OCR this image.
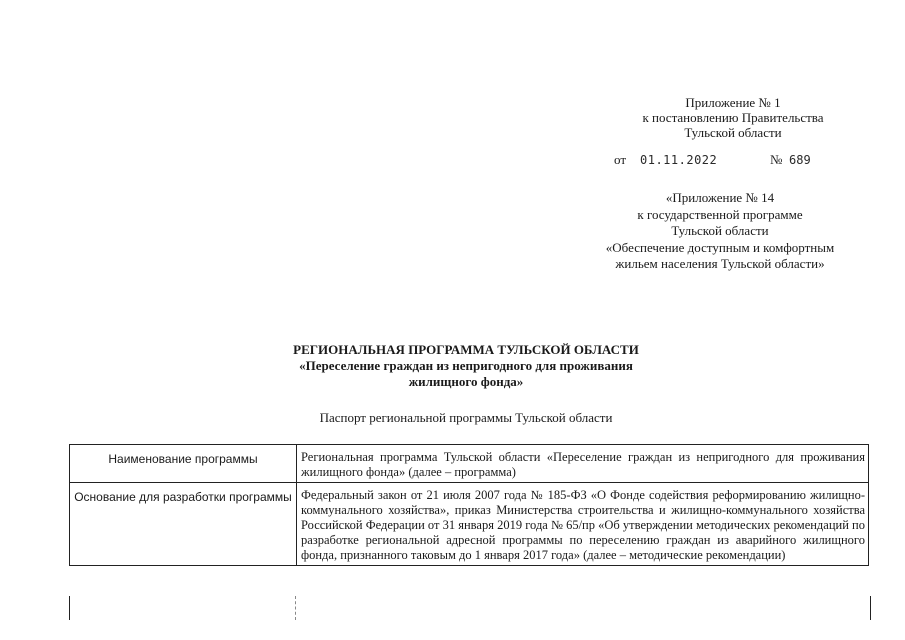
Приложение № 1
к постановлению Правительства
Тульской области
от 01.11.2022	№ 689
«Приложение № 14
к государственной программе
Тульской области
«Обеспечение доступным и комфортным
жильем населения Тульской области»
РЕГИОНАЛЬНАЯ ПРОГРАММА ТУЛЬСКОЙ ОБЛАСТИ
«Переселение граждан из непригодного для проживания
жилищного фонда»
Паспорт региональной программы Тульской области
Наименование программы	Региональная программа Тульской области «Переселение граждан из непригодного для проживания жилищного фонда» (далее – программа)
Основание для разработки программы	Федеральный закон от 21 июля 2007 года № 185-ФЗ «О Фонде содействия реформированию жилищно-коммунального хозяйства», приказ Министерства строительства и жилищно-коммунального хозяйства Российской Федерации от 31 января 2019 года № 65/пр «Об утверждении методических рекомендаций по разработке региональной адресной программы по переселению граждан из аварийного жилищного фонда, признанного таковым до 1 января 2017 года» (далее – методические рекомендации)
